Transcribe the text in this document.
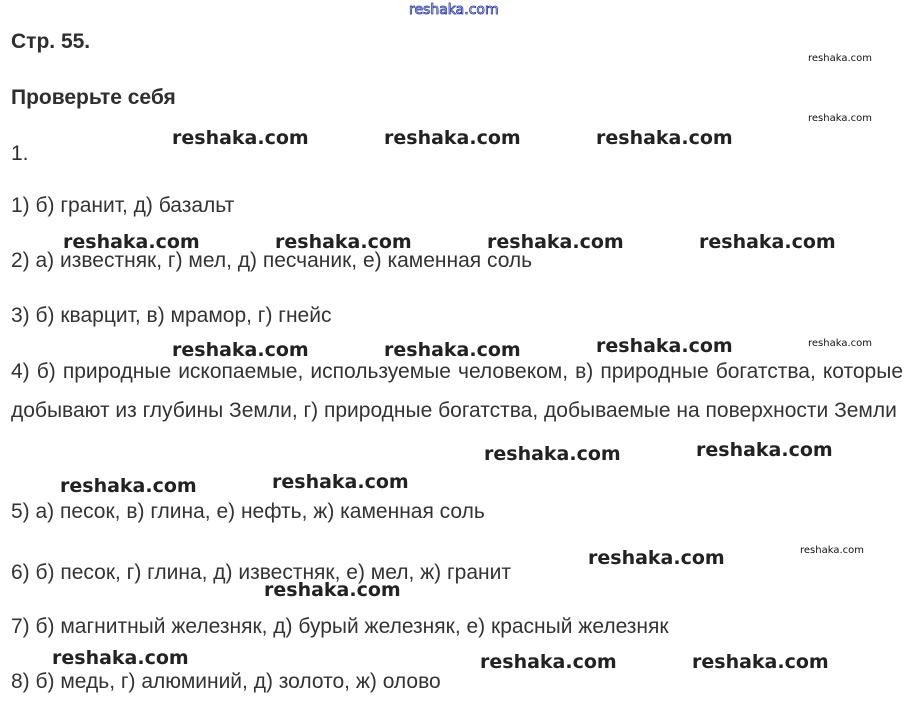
reshaka.com
Стр. 55.
Проверьте себя
1.
1) б) гранит, д) базальт
2) а) известняк, г) мел, д) песчаник, е) каменная соль
3) б) кварцит, в) мрамор, г) гнейс
4) б) природные ископаемые, используемые человеком, в) природные богатства, которые добывают из глубины Земли, г) природные богатства, добываемые на поверхности Земли
5) а) песок, в) глина, е) нефть, ж) каменная соль
6) б) песок, г) глина, д) известняк, е) мел, ж) гранит
7) б) магнитный железняк, д) бурый железняк, е) красный железняк
8) б) медь, г) алюминий, д) золото, ж) олово
reshaka.com
reshaka.com
reshaka.com
reshaka.com
reshaka.com	reshaka.com	reshaka.com
reshaka.com	reshaka.com	reshaka.com	reshaka.com
reshaka.com	reshaka.com	reshaka.com
reshaka.com	reshaka.com
reshaka.com	reshaka.com
reshaka.com
reshaka.com
reshaka.com	reshaka.com	reshaka.com
